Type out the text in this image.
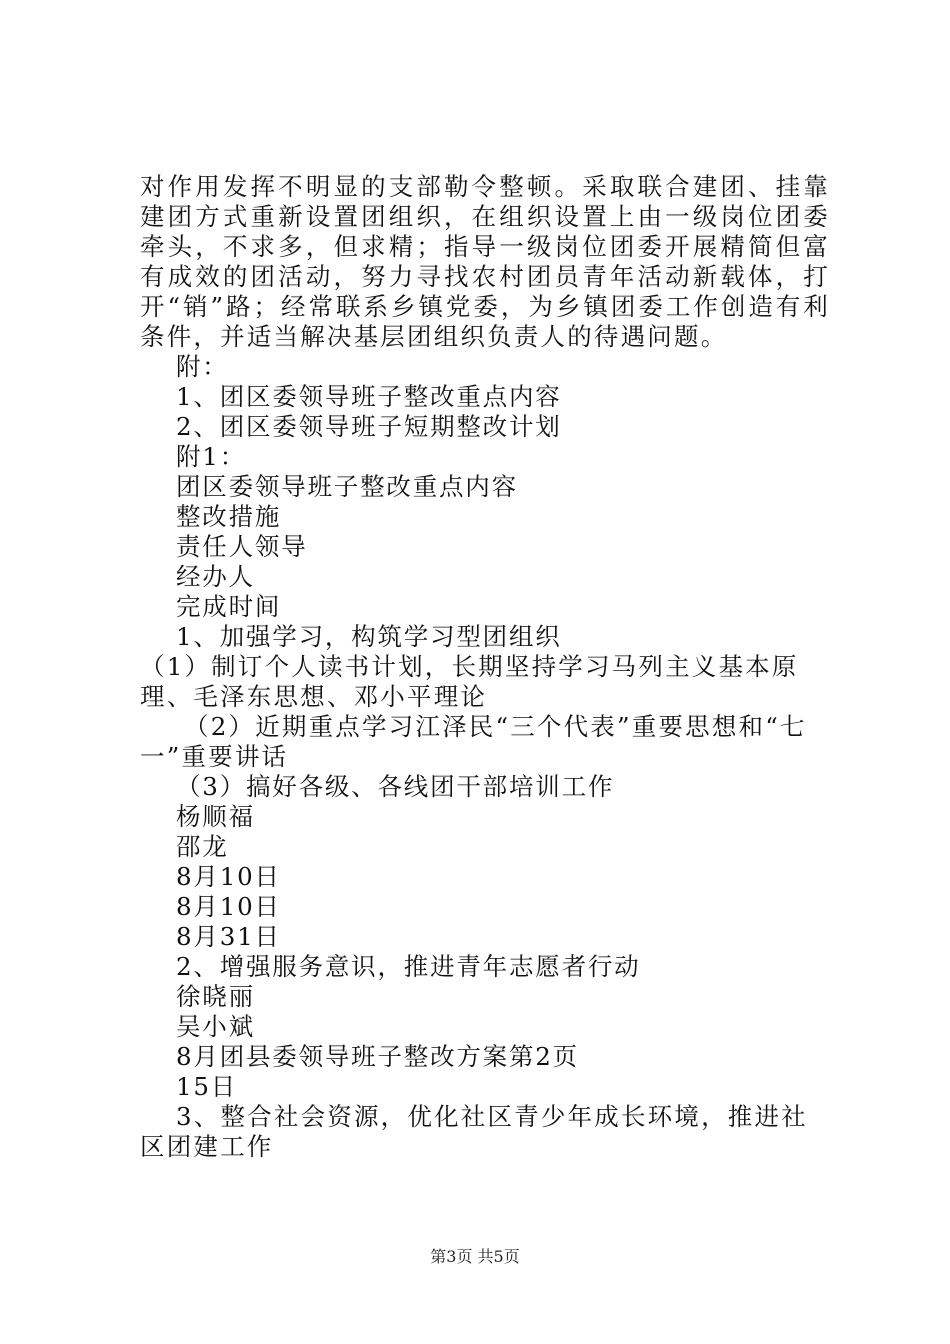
对作用发挥不明显的支部勒令整顿。采取联合建团、挂靠建团方式重新设置团组织，在组织设置上由一级岗位团委牵头，不求多，但求精；指导一级岗位团委开展精简但富有成效的团活动，努力寻找农村团员青年活动新载体，打开“销”路；经常联系乡镇党委，为乡镇团委工作创造有利条件，并适当解决基层团组织负责人的待遇问题。

附：

1、团区委领导班子整改重点内容

2、团区委领导班子短期整改计划

附1：

团区委领导班子整改重点内容

整改措施

责任人领导

经办人

完成时间

1、加强学习，构筑学习型团组织

（1）制订个人读书计划，长期坚持学习马列主义基本原理、毛泽东思想、邓小平理论

（2）近期重点学习江泽民“三个代表”重要思想和“七一”重要讲话

（3）搞好各级、各线团干部培训工作

杨顺福

邵龙

8月10日

8月10日

8月31日

2、增强服务意识，推进青年志愿者行动

徐晓丽

吴小斌

8月团县委领导班子整改方案第2页

15日

3、整合社会资源，优化社区青少年成长环境，推进社区团建工作

第3页 共5页
